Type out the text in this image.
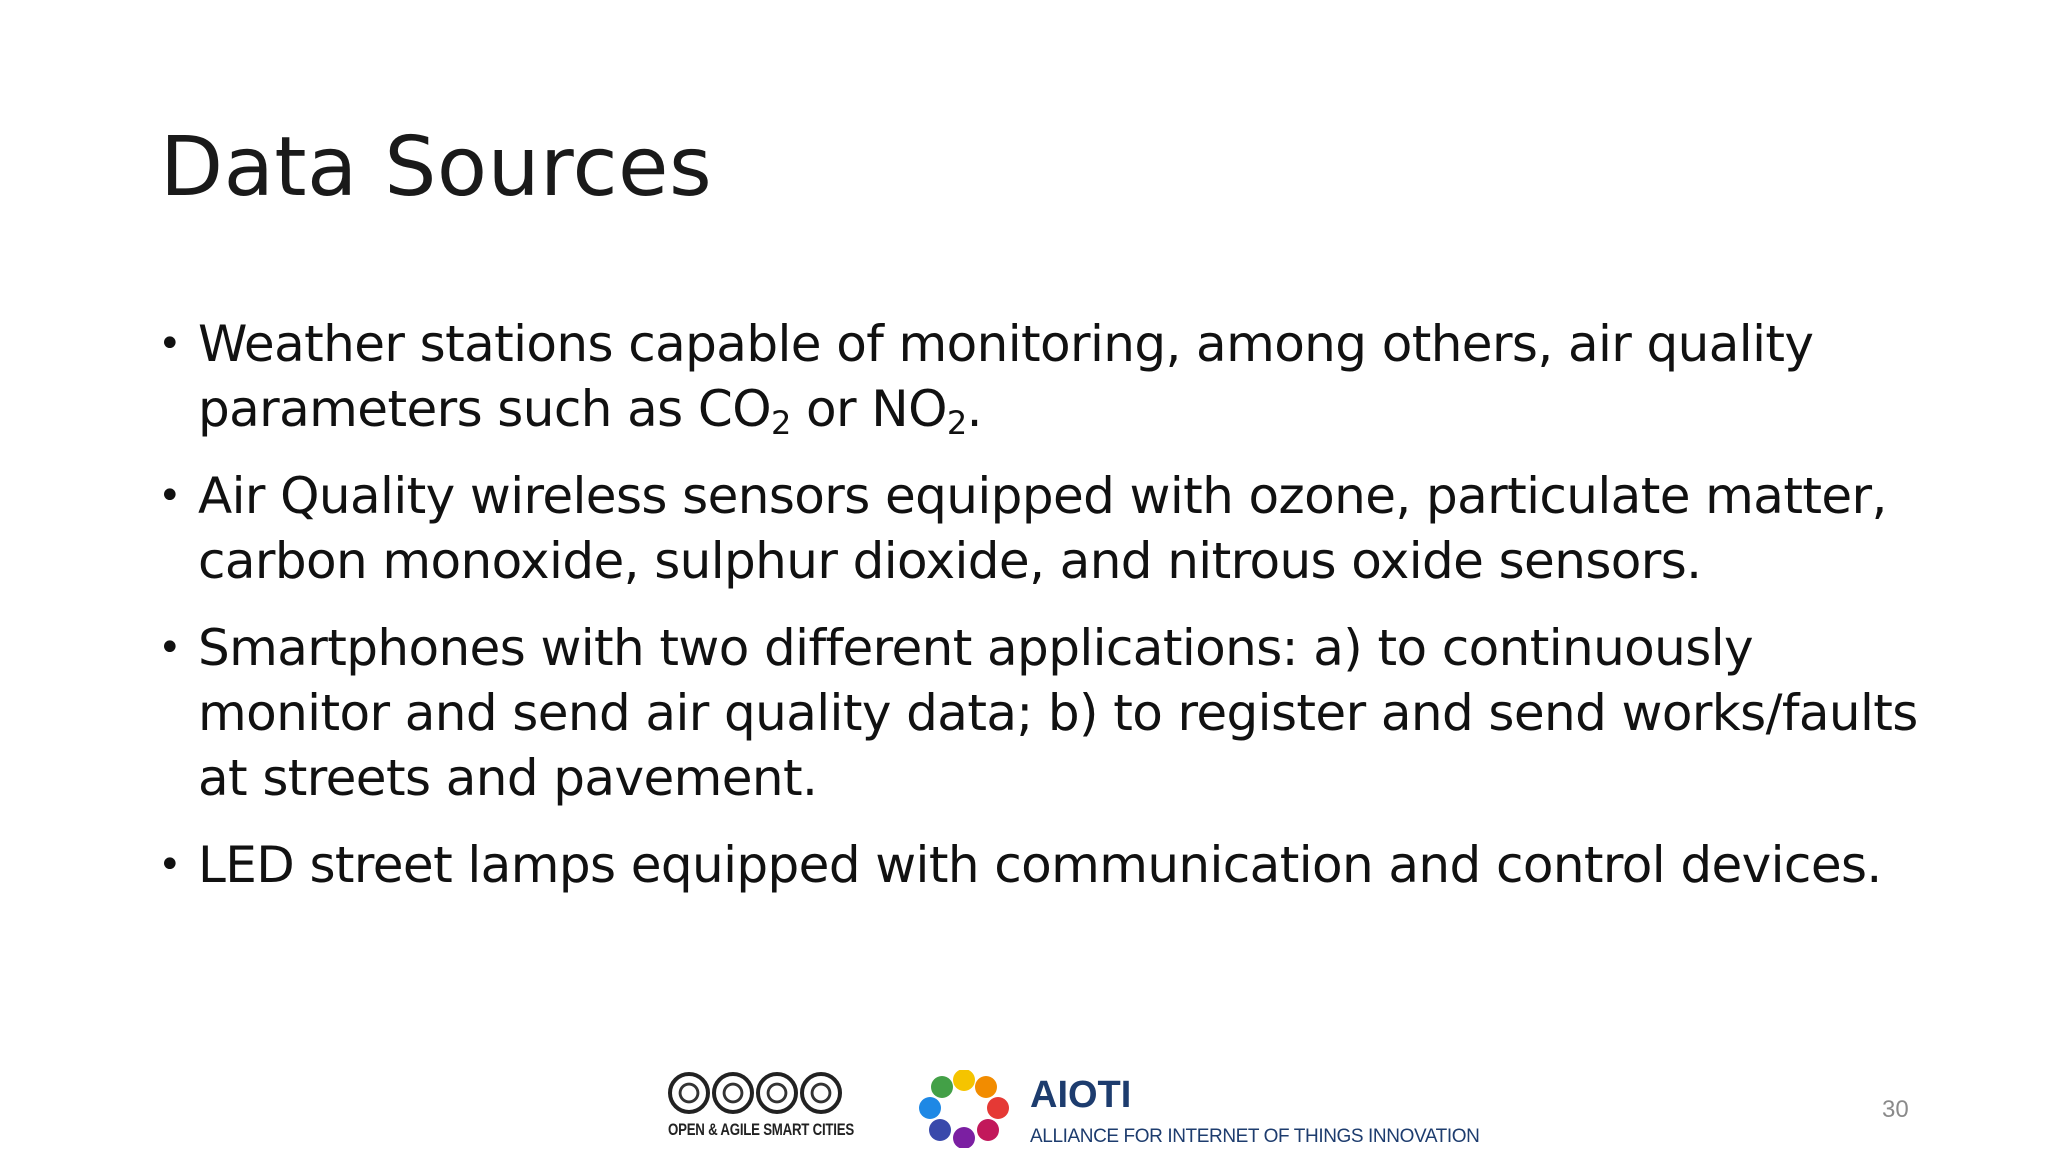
Data Sources
• Weather stations capable of monitoring, among others, air quality parameters such as $CO_2$ or $NO_2$.
• Air Quality wireless sensors equipped with ozone, particulate matter, carbon monoxide, sulphur dioxide, and nitrous oxide sensors.
• Smartphones with two different applications: a) to continuously monitor and send air quality data; b) to register and send works/faults at streets and pavement.
• LED street lamps equipped with communication and control devices.
OPEN & AGILE SMART CITIES
AIOTI
ALLIANCE FOR INTERNET OF THINGS INNOVATION
30
